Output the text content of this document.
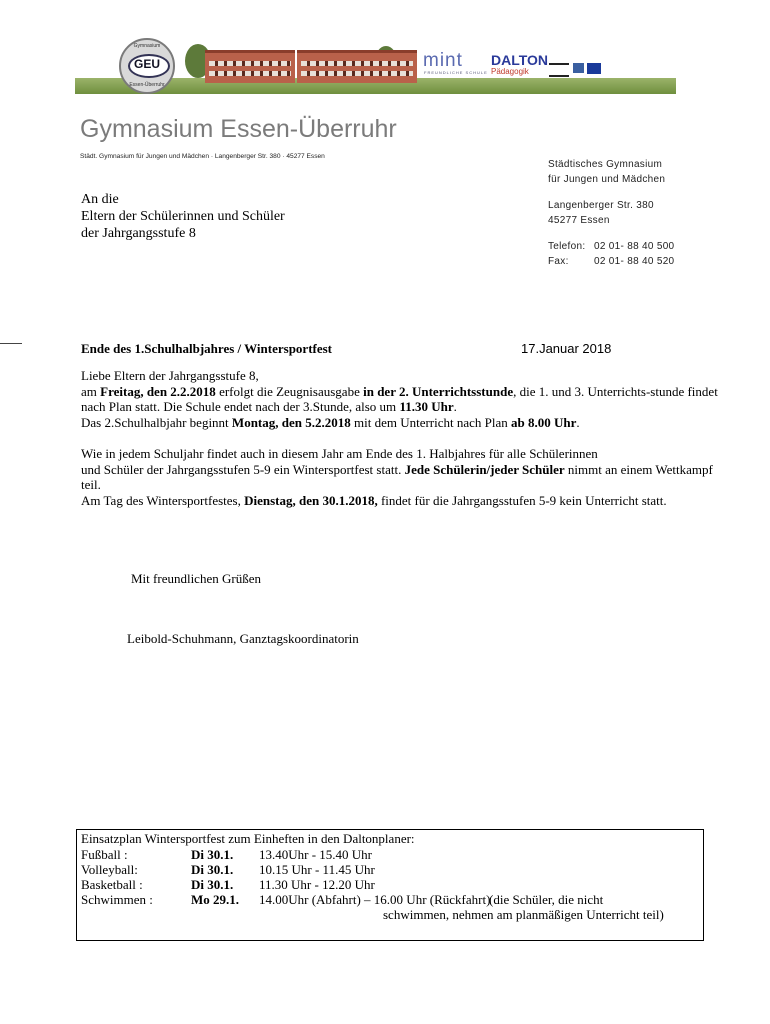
Gymnasium
GEU
Essen-Überruhr
mint
FREUNDLICHE SCHULE
DALTON
Pädagogik
Gymnasium Essen-Überruhr
Städt. Gymnasium für Jungen und Mädchen · Langenberger Str. 380 · 45277 Essen
Städtisches Gymnasium
für Jungen und Mädchen
Langenberger Str. 380
45277 Essen
Telefon: 02 01- 88 40 500
Fax:	02 01- 88 40 520
An die
Eltern der Schülerinnen und Schüler
der Jahrgangsstufe 8
Ende des 1.Schulhalbjahres / Wintersportfest	17.Januar 2018
Liebe Eltern der Jahrgangsstufe 8,
am Freitag, den 2.2.2018 erfolgt die Zeugnisausgabe in der 2. Unterrichtsstunde, die 1. und 3. Unterrichts-stunde findet nach Plan statt. Die Schule endet nach der 3.Stunde, also um 11.30 Uhr.
Das 2.Schulhalbjahr beginnt Montag, den 5.2.2018 mit dem Unterricht nach Plan ab 8.00 Uhr.
Wie in jedem Schuljahr findet auch in diesem Jahr am Ende des 1. Halbjahres für alle Schülerinnen
und Schüler der Jahrgangsstufen 5-9 ein Wintersportfest statt. Jede Schülerin/jeder Schüler nimmt an einem Wettkampf teil.
Am Tag des Wintersportfestes, Dienstag, den 30.1.2018, findet für die Jahrgangsstufen 5-9 kein Unterricht statt.
Mit freundlichen Grüßen
Leibold-Schuhmann, Ganztagskoordinatorin
Einsatzplan Wintersportfest zum Einheften in den Daltonplaner:
Fußball :	Di 30.1. 13.40Uhr - 15.40 Uhr
Volleyball:	Di 30.1. 10.15 Uhr - 11.45 Uhr
Basketball :	Di 30.1. 11.30 Uhr - 12.20 Uhr
Schwimmen :	Mo 29.1. 14.00Uhr (Abfahrt) – 16.00 Uhr (Rückfahrt)
(die Schüler, die nicht
schwimmen, nehmen am planmäßigen Unterricht teil)
